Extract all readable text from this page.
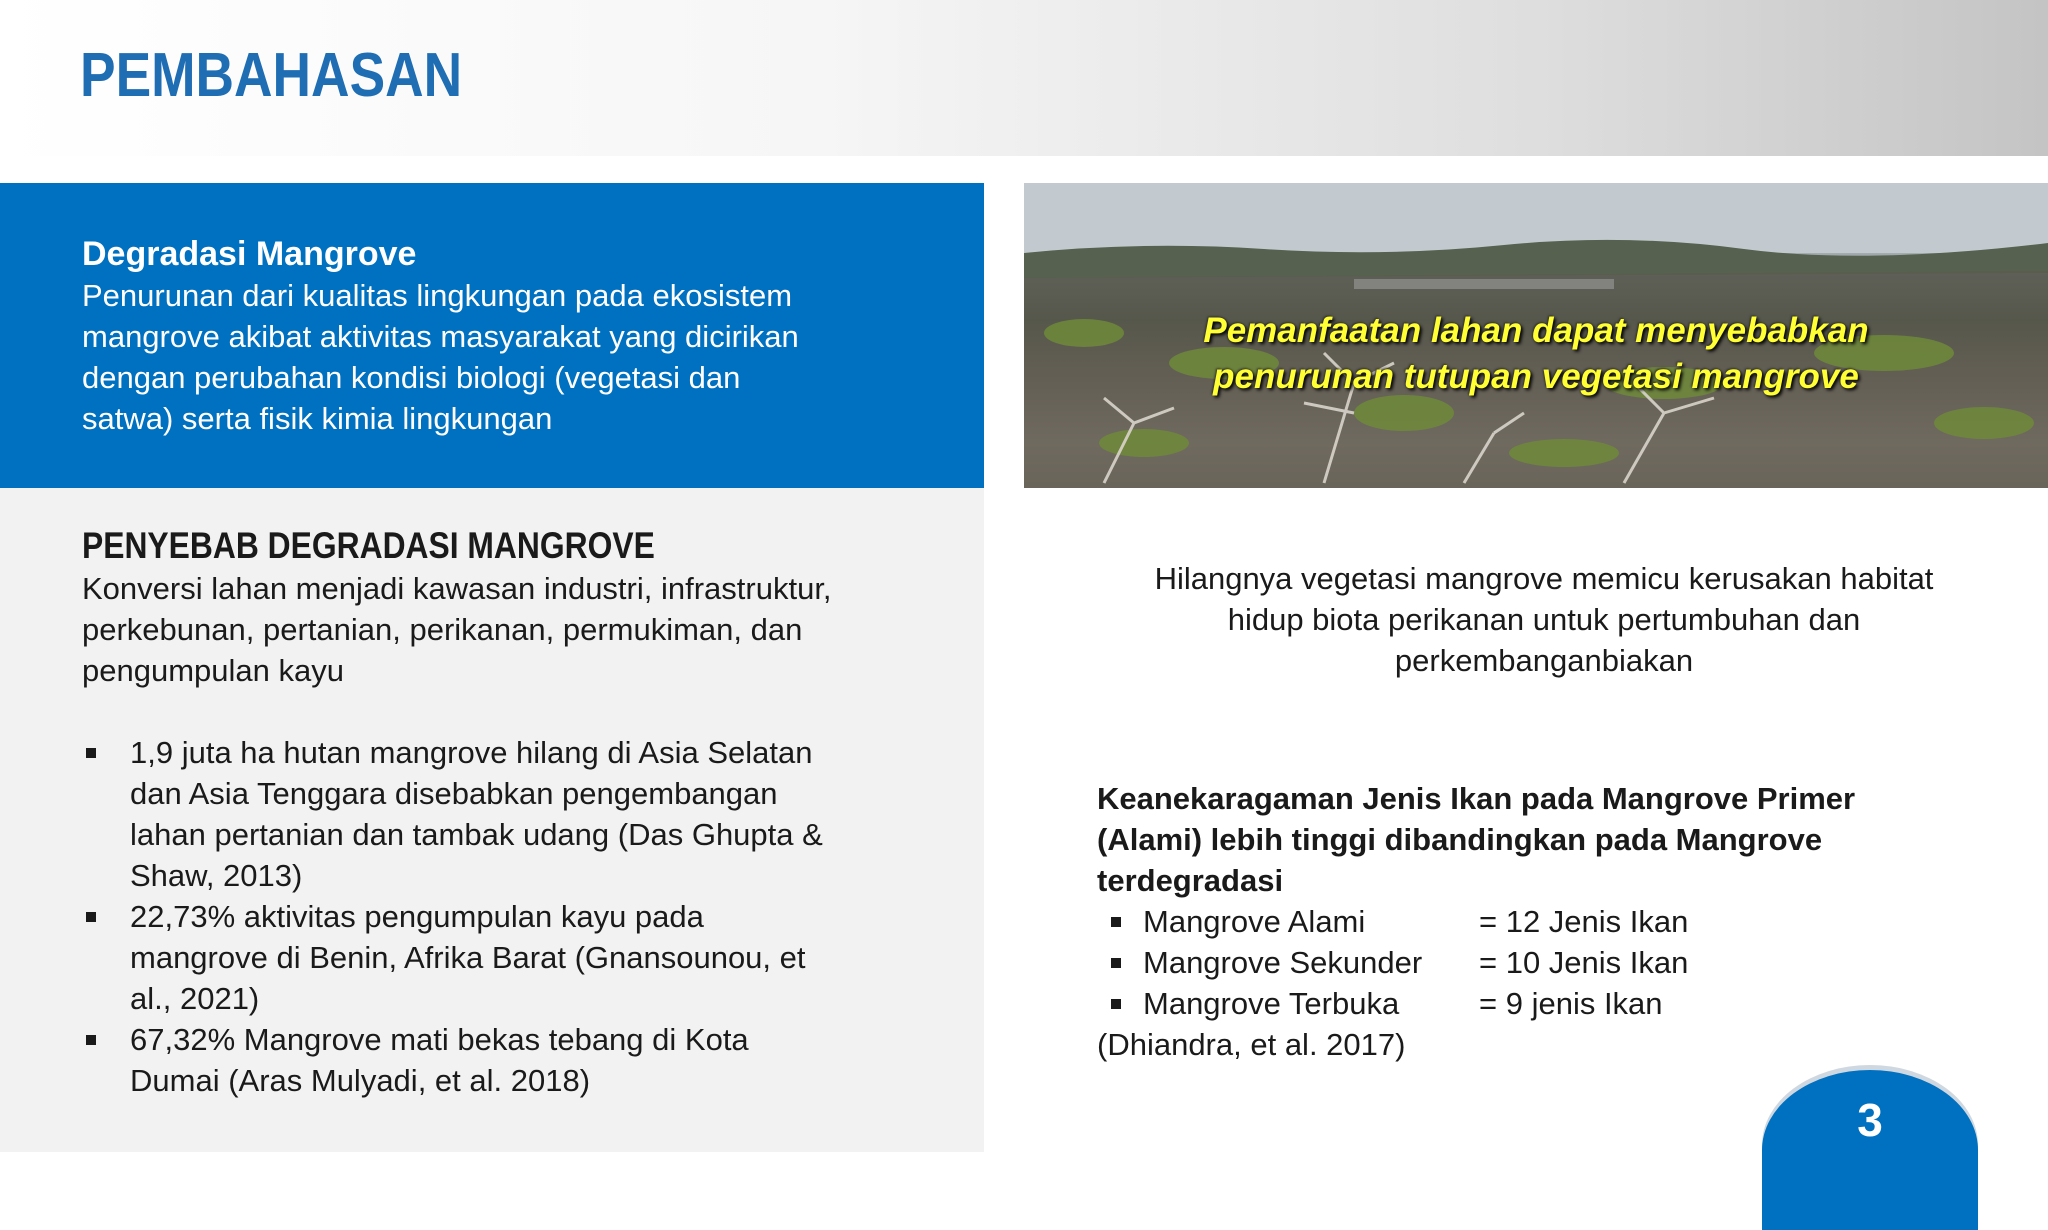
PEMBAHASAN
Degradasi Mangrove
Penurunan dari kualitas lingkungan pada ekosistem
mangrove akibat aktivitas masyarakat yang dicirikan
dengan perubahan kondisi biologi (vegetasi dan
satwa) serta fisik kimia lingkungan
PENYEBAB DEGRADASI MANGROVE
Konversi lahan menjadi kawasan industri, infrastruktur,
perkebunan, pertanian, perikanan, permukiman, dan
pengumpulan kayu
1,9 juta ha hutan mangrove hilang di Asia Selatan
dan Asia Tenggara disebabkan pengembangan
lahan pertanian dan tambak udang (Das Ghupta &
Shaw, 2013)
22,73% aktivitas pengumpulan kayu pada
mangrove di Benin, Afrika Barat (Gnansounou, et
al., 2021)
67,32% Mangrove mati bekas tebang di Kota
Dumai (Aras Mulyadi, et al. 2018)
Pemanfaatan lahan dapat menyebabkan
penurunan tutupan vegetasi mangrove
Hilangnya vegetasi mangrove memicu kerusakan habitat
hidup biota perikanan untuk pertumbuhan dan
perkembanganbiakan
Keanekaragaman Jenis Ikan pada Mangrove Primer
(Alami) lebih tinggi dibandingkan pada Mangrove
terdegradasi
Mangrove Alami	= 12 Jenis Ikan
Mangrove Sekunder	= 10 Jenis Ikan
Mangrove Terbuka	= 9 jenis Ikan
(Dhiandra, et al. 2017)
3
